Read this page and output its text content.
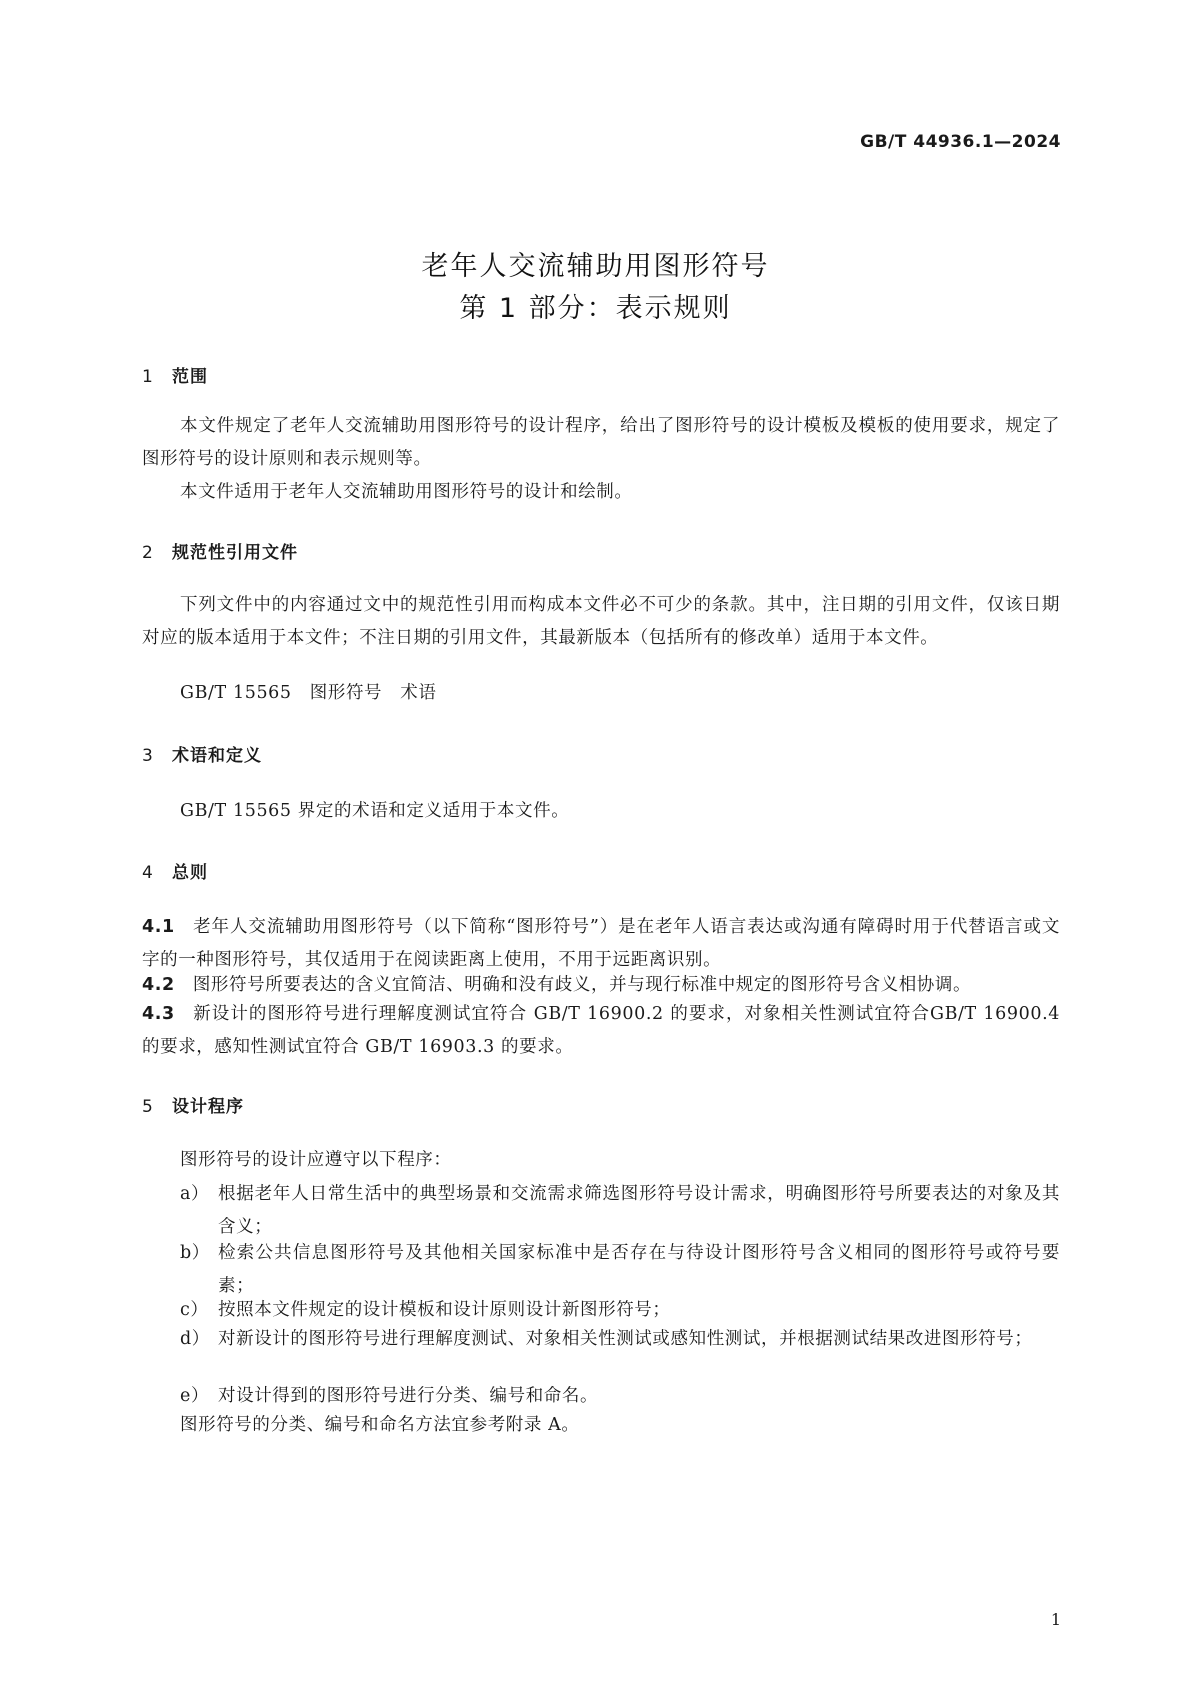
GB/T 44936.1—2024
老年人交流辅助用图形符号
第 1 部分：表示规则
1 范围
本文件规定了老年人交流辅助用图形符号的设计程序，给出了图形符号的设计模板及模板的使用要求，规定了图形符号的设计原则和表示规则等。
本文件适用于老年人交流辅助用图形符号的设计和绘制。
2 规范性引用文件
下列文件中的内容通过文中的规范性引用而构成本文件必不可少的条款。其中，注日期的引用文件，仅该日期对应的版本适用于本文件；不注日期的引用文件，其最新版本（包括所有的修改单）适用于本文件。
GB/T 15565　图形符号　术语
3 术语和定义
GB/T 15565 界定的术语和定义适用于本文件。
4 总则
4.1 老年人交流辅助用图形符号（以下简称“图形符号”）是在老年人语言表达或沟通有障碍时用于代替语言或文字的一种图形符号，其仅适用于在阅读距离上使用，不用于远距离识别。
4.2 图形符号所要表达的含义宜简洁、明确和没有歧义，并与现行标准中规定的图形符号含义相协调。
4.3 新设计的图形符号进行理解度测试宜符合 GB/T 16900.2 的要求，对象相关性测试宜符合GB/T 16900.4的要求，感知性测试宜符合 GB/T 16903.3 的要求。
5 设计程序
图形符号的设计应遵守以下程序：
a） 根据老年人日常生活中的典型场景和交流需求筛选图形符号设计需求，明确图形符号所要表达的对象及其含义；
b） 检索公共信息图形符号及其他相关国家标准中是否存在与待设计图形符号含义相同的图形符号或符号要素；
c） 按照本文件规定的设计模板和设计原则设计新图形符号；
d） 对新设计的图形符号进行理解度测试、对象相关性测试或感知性测试，并根据测试结果改进图形符号；
e） 对设计得到的图形符号进行分类、编号和命名。
图形符号的分类、编号和命名方法宜参考附录 A。
1
